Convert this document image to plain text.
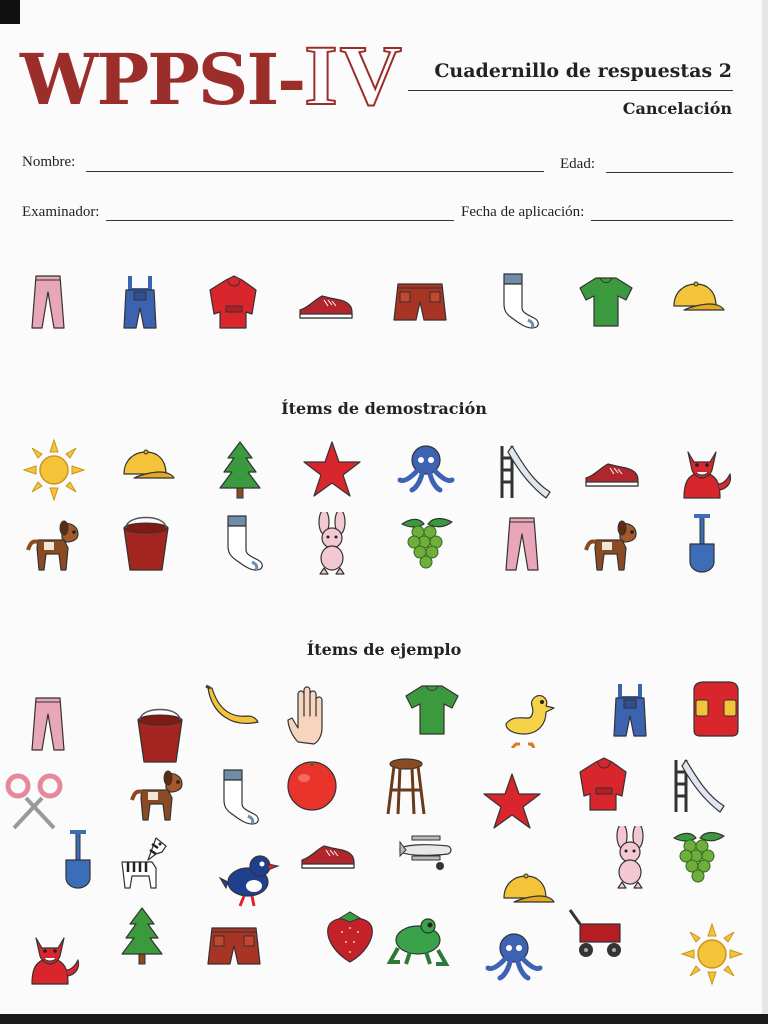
WPPSI-IV Cuadernillo de respuestas 2
Cancelación
Nombre:	Edad:
Examinador:	Fecha de aplicación:
Ítems de demostración
Ítems de ejemplo
